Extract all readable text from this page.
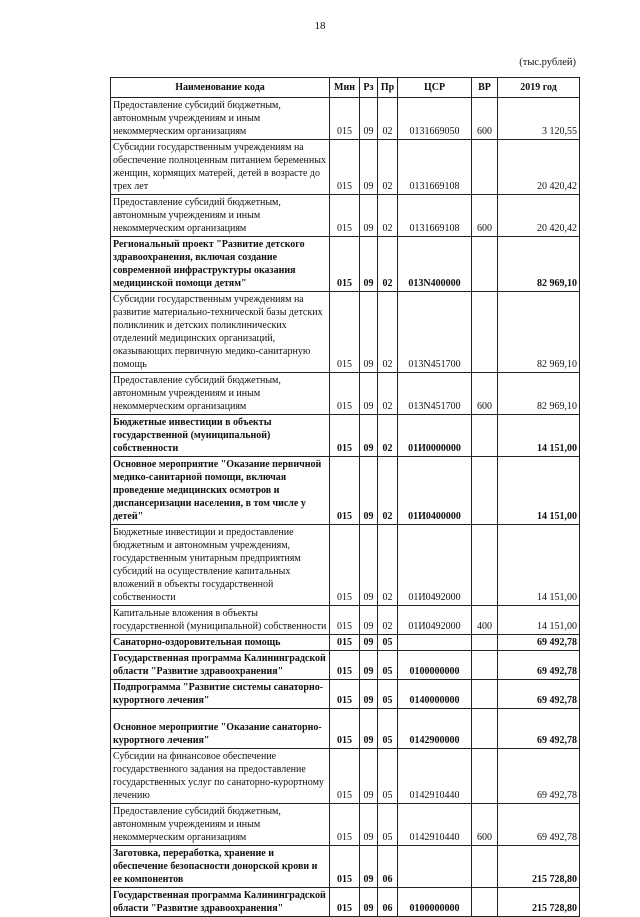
18
(тыс.рублей)
Наименование кода	Мин	Рз	Пр	ЦСР	ВР	2019 год
Предоставление субсидий бюджетным, автономным учреждениям и иным некоммерческим организациям	015	09	02	0131669050	600	3 120,55
Субсидии государственным учреждениям на обеспечение полноценным питанием беременных женщин, кормящих матерей, детей в возрасте до трех лет	015	09	02	0131669108		20 420,42
Предоставление субсидий бюджетным, автономным учреждениям и иным некоммерческим организациям	015	09	02	0131669108	600	20 420,42
Региональный проект "Развитие детского здравоохранения, включая создание современной инфраструктуры оказания медицинской помощи детям"	015	09	02	013N400000		82 969,10
Субсидии государственным учреждениям на развитие материально-технической базы детских поликлиник и детских поликлинических отделений медицинских организаций, оказывающих первичную медико-санитарную помощь	015	09	02	013N451700		82 969,10
Предоставление субсидий бюджетным, автономным учреждениям и иным некоммерческим организациям	015	09	02	013N451700	600	82 969,10
Бюджетные инвестиции в объекты государственной (муниципальной) собственности	015	09	02	01И0000000		14 151,00
Основное мероприятие "Оказание первичной медико-санитарной помощи, включая проведение медицинских осмотров и диспансеризации населения, в том числе у детей"	015	09	02	01И0400000		14 151,00
Бюджетные инвестиции и предоставление бюджетным и автономным учреждениям, государственным унитарным предприятиям субсидий на осуществление капитальных вложений в объекты государственной собственности	015	09	02	01И0492000		14 151,00
Капитальные вложения в объекты государственной (муниципальной) собственности	015	09	02	01И0492000	400	14 151,00
Санаторно-оздоровительная помощь	015	09	05			69 492,78
Государственная программа Калининградской области "Развитие здравоохранения"	015	09	05	0100000000		69 492,78
Подпрограмма "Развитие системы санаторно-курортного лечения"	015	09	05	0140000000		69 492,78
Основное мероприятие "Оказание санаторно-курортного лечения"	015	09	05	0142900000		69 492,78
Субсидии на финансовое обеспечение государственного задания на предоставление государственных услуг по санаторно-курортному лечению	015	09	05	0142910440		69 492,78
Предоставление субсидий бюджетным, автономным учреждениям и иным некоммерческим организациям	015	09	05	0142910440	600	69 492,78
Заготовка, переработка, хранение и обеспечение безопасности донорской крови и ее компонентов	015	09	06			215 728,80
Государственная программа Калининградской области "Развитие здравоохранения"	015	09	06	0100000000		215 728,80
